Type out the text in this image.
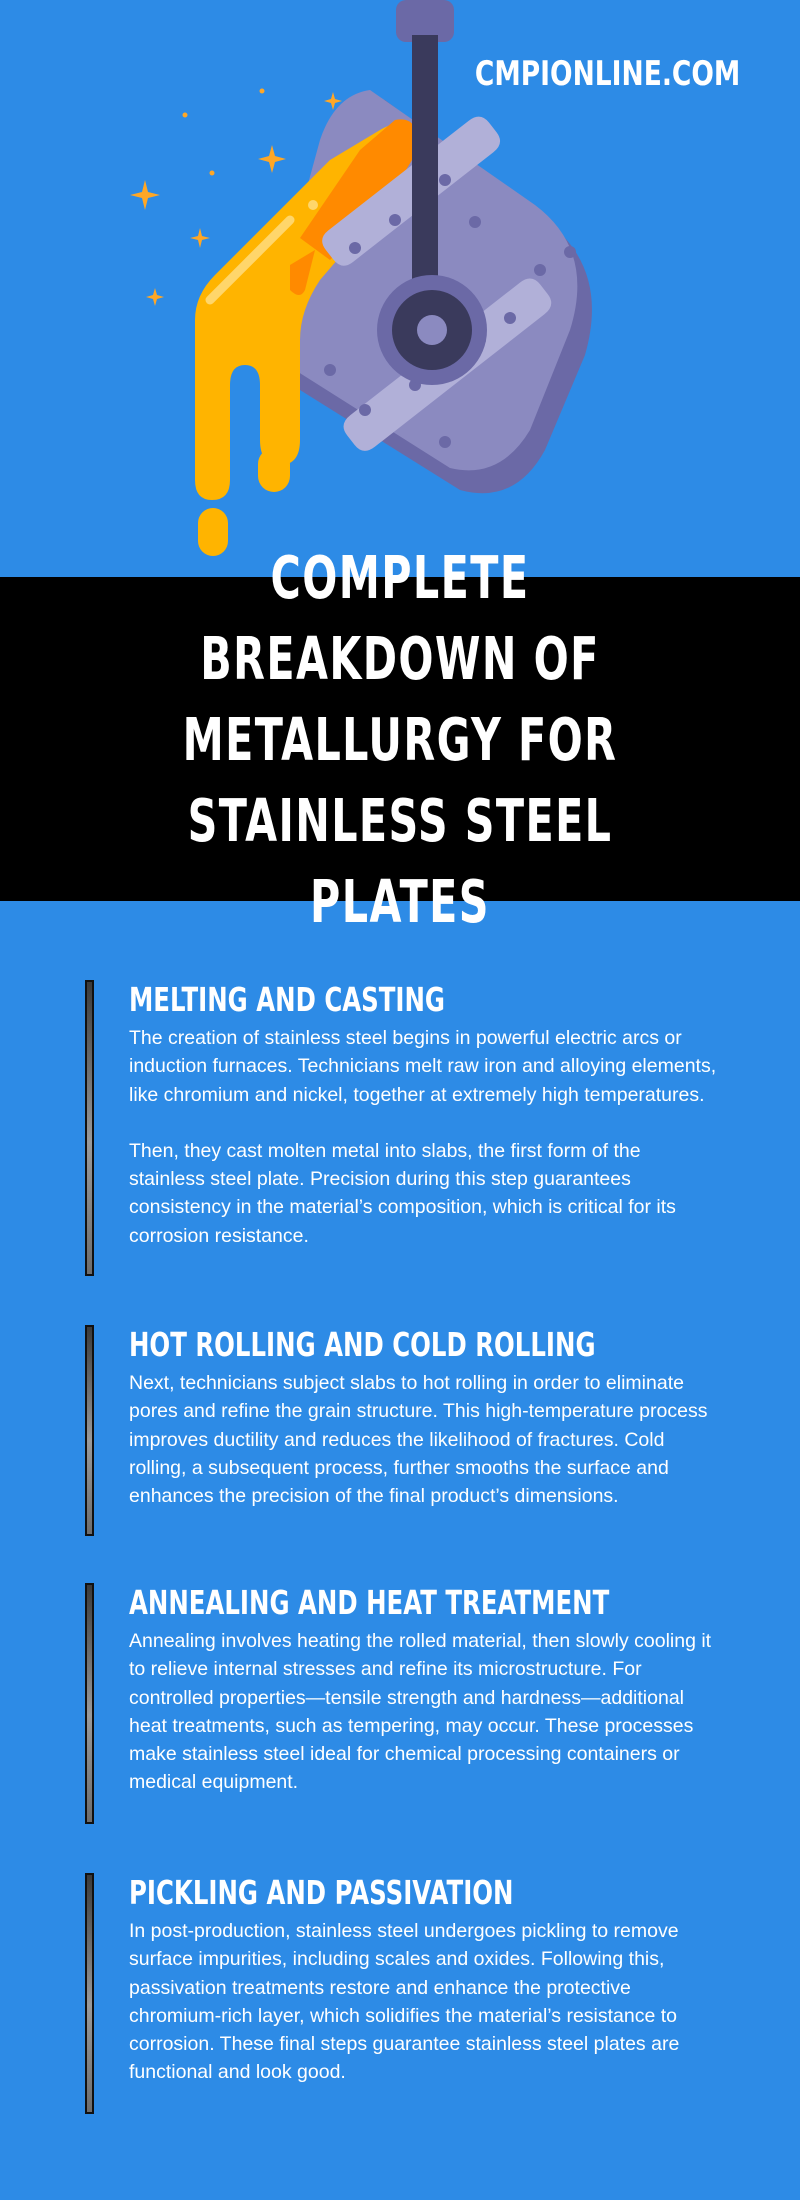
CMPIONLINE.COM

COMPLETE BREAKDOWN OF METALLURGY FOR STAINLESS STEEL PLATES
MELTING AND CASTING

The creation of stainless steel begins in powerful electric arcs or induction furnaces. Technicians melt raw iron and alloying elements, like chromium and nickel, together at extremely high temperatures.

Then, they cast molten metal into slabs, the first form of the stainless steel plate. Precision during this step guarantees consistency in the material’s composition, which is critical for its corrosion resistance.

HOT ROLLING AND COLD ROLLING

Next, technicians subject slabs to hot rolling in order to eliminate pores and refine the grain structure. This high-temperature process improves ductility and reduces the likelihood of fractures. Cold rolling, a subsequent process, further smooths the surface and enhances the precision of the final product’s dimensions.

ANNEALING AND HEAT TREATMENT

Annealing involves heating the rolled material, then slowly cooling it to relieve internal stresses and refine its microstructure. For controlled properties—tensile strength and hardness—additional heat treatments, such as tempering, may occur. These processes make stainless steel ideal for chemical processing containers or medical equipment.

PICKLING AND PASSIVATION

In post-production, stainless steel undergoes pickling to remove surface impurities, including scales and oxides. Following this, passivation treatments restore and enhance the protective chromium-rich layer, which solidifies the material’s resistance to corrosion. These final steps guarantee stainless steel plates are functional and look good.
